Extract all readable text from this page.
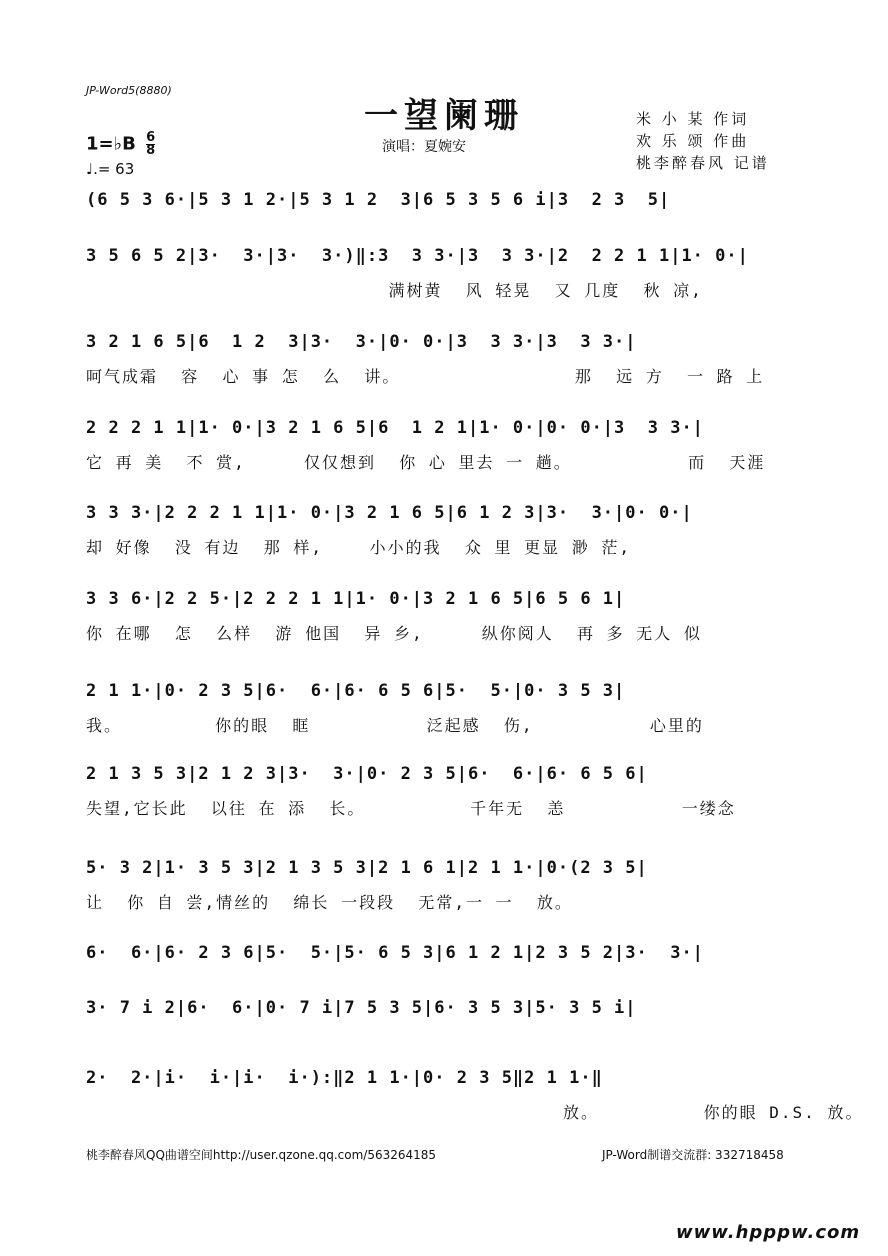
JP-Word5(8880)
一望阑珊
演唱：夏婉安
米 小 某 作词
欢 乐 颂 作曲
桃李醉春风 记谱
1=♭B $\frac{6}{8}$
♩.= 63
(6 5 3 6·|5 3 1 2·|5 3 1 2  3|6 5 3 5 6 i|3  2 3  5|
3 5 6 5 2|3·  3·|3·  3·)‖:3  3 3·|3  3 3·|2  2 2 1 1|1· 0·|
满树黄  风 轻晃  又 几度  秋 凉,
3 2 1 6 5|6  1 2  3|3·  3·|0· 0·|3  3 3·|3  3 3·|
呵气成霜  容  心 事 怎  么  讲。               那  远 方  一 路 上
2 2 2 1 1|1· 0·|3 2 1 6 5|6  1 2 1|1· 0·|0· 0·|3  3 3·|
它 再 美  不 赏,     仅仅想到  你 心 里去 一 趟。          而  天涯
3 3 3·|2 2 2 1 1|1· 0·|3 2 1 6 5|6 1 2 3|3·  3·|0· 0·|
却 好像  没 有边  那 样,    小小的我  众 里 更显 渺 茫,
3 3 6·|2 2 5·|2 2 2 1 1|1· 0·|3 2 1 6 5|6 5 6 1|
你 在哪  怎  么样  游 他国  异 乡,     纵你阅人  再 多 无人 似
2 1 1·|0· 2 3 5|6·  6·|6· 6 5 6|5·  5·|0· 3 5 3|
我。        你的眼  眶          泛起感  伤,          心里的
2 1 3 5 3|2 1 2 3|3·  3·|0· 2 3 5|6·  6·|6· 6 5 6|
失望,它长此  以往 在 添  长。         千年无  恙          一缕念
5· 3 2|1· 3 5 3|2 1 3 5 3|2 1 6 1|2 1 1·|0·(2 3 5|
让  你 自 尝,情丝的  绵长 一段段  无常,一 一  放。
6·  6·|6· 2 3 6|5·  5·|5· 6 5 3|6 1 2 1|2 3 5 2|3·  3·|
3· 7 i 2|6·  6·|0· 7 i|7 5 3 5|6· 3 5 3|5· 3 5 i|
2·  2·|i·  i·|i·  i·):‖2 1 1·|0· 2 3 5‖2 1 1·‖
放。         你的眼 D.S. 放。
桃李醉春风QQ曲谱空间http://user.qzone.qq.com/563264185	JP-Word制谱交流群: 332718458
www.hpppw.com
